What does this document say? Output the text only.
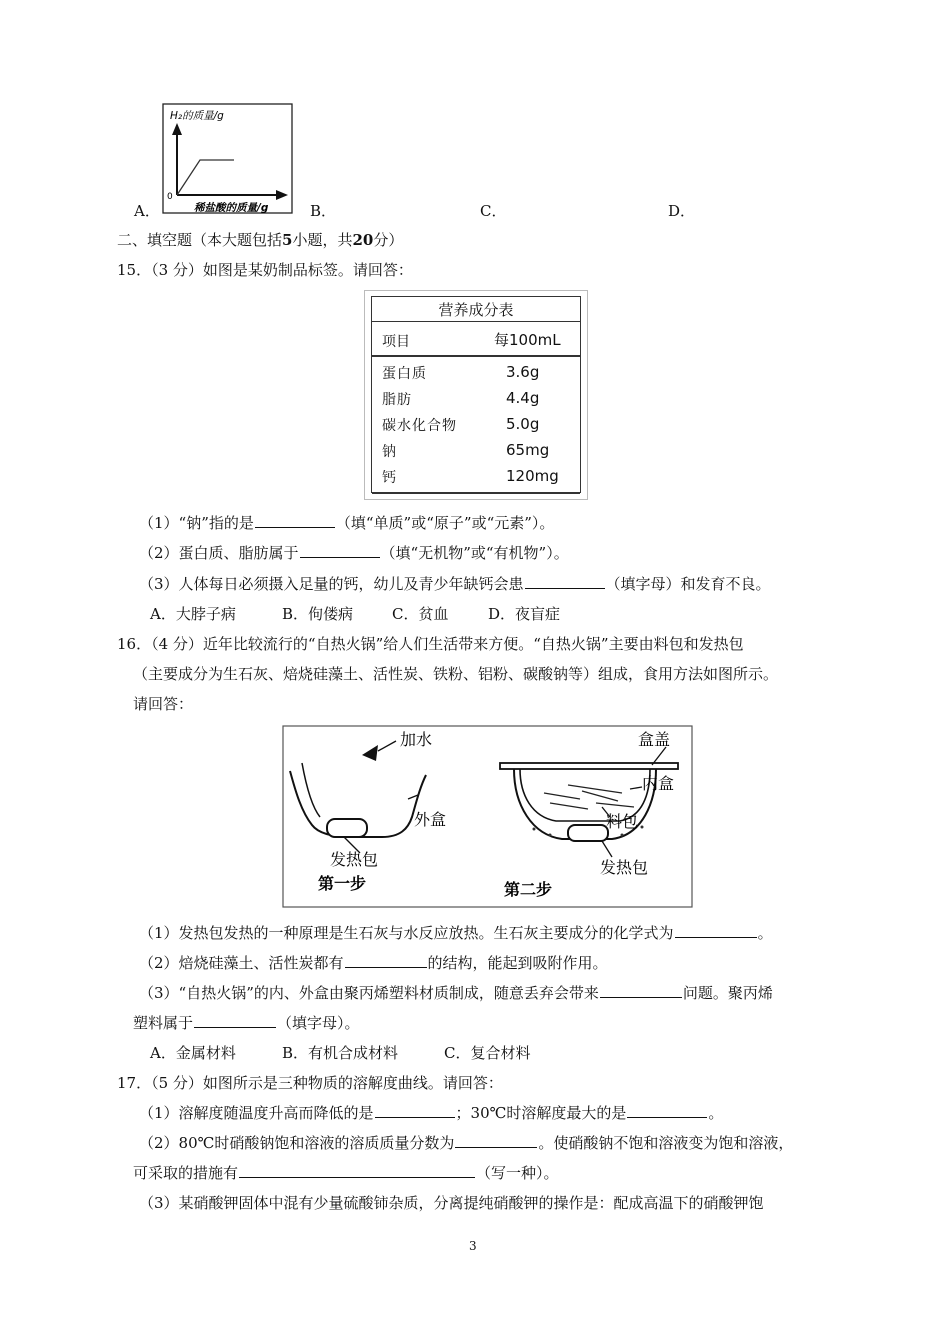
H₂的质量/g
0
稀盐酸的质量/g
A．	B．	C．	D．
二、填空题（本大题包括5小题，共20分）
15．（3 分）如图是某奶制品标签。请回答：
营养成分表
项目	每100mL
蛋白质	3.6g
脂肪	4.4g
碳水化合物	5.0g
钠	65mg
钙	120mg
（1）“钠”指的是	（填“单质”或“原子”或“元素”）。
（2）蛋白质、脂肪属于	（填“无机物”或“有机物”）。
（3）人体每日必须摄入足量的钙，幼儿及青少年缺钙会患	（填字母）和发育不良。
A．大脖子病	B．佝偻病	C．贫血	D．夜盲症
16．（4 分）近年比较流行的“自热火锅”给人们生活带来方便。“自热火锅”主要由料包和发热包
（主要成分为生石灰、焙烧硅藻土、活性炭、铁粉、铝粉、碳酸钠等）组成，食用方法如图所示。
请回答：
加水
外盒
发热包
第一步
盒盖
内盒
料包
发热包
第二步
（1）发热包发热的一种原理是生石灰与水反应放热。生石灰主要成分的化学式为	。
（2）焙烧硅藻土、活性炭都有	的结构，能起到吸附作用。
（3）“自热火锅”的内、外盒由聚丙烯塑料材质制成，随意丢弃会带来	问题。聚丙烯
塑料属于	（填字母）。
A．金属材料	B．有机合成材料	C．复合材料
17．（5 分）如图所示是三种物质的溶解度曲线。请回答：
（1）溶解度随温度升高而降低的是	；30℃时溶解度最大的是	。
（2）80℃时硝酸钠饱和溶液的溶质质量分数为	。使硝酸钠不饱和溶液变为饱和溶液，
可采取的措施有	（写一种）。
（3）某硝酸钾固体中混有少量硫酸铈杂质，分离提纯硝酸钾的操作是：配成高温下的硝酸钾饱
3
